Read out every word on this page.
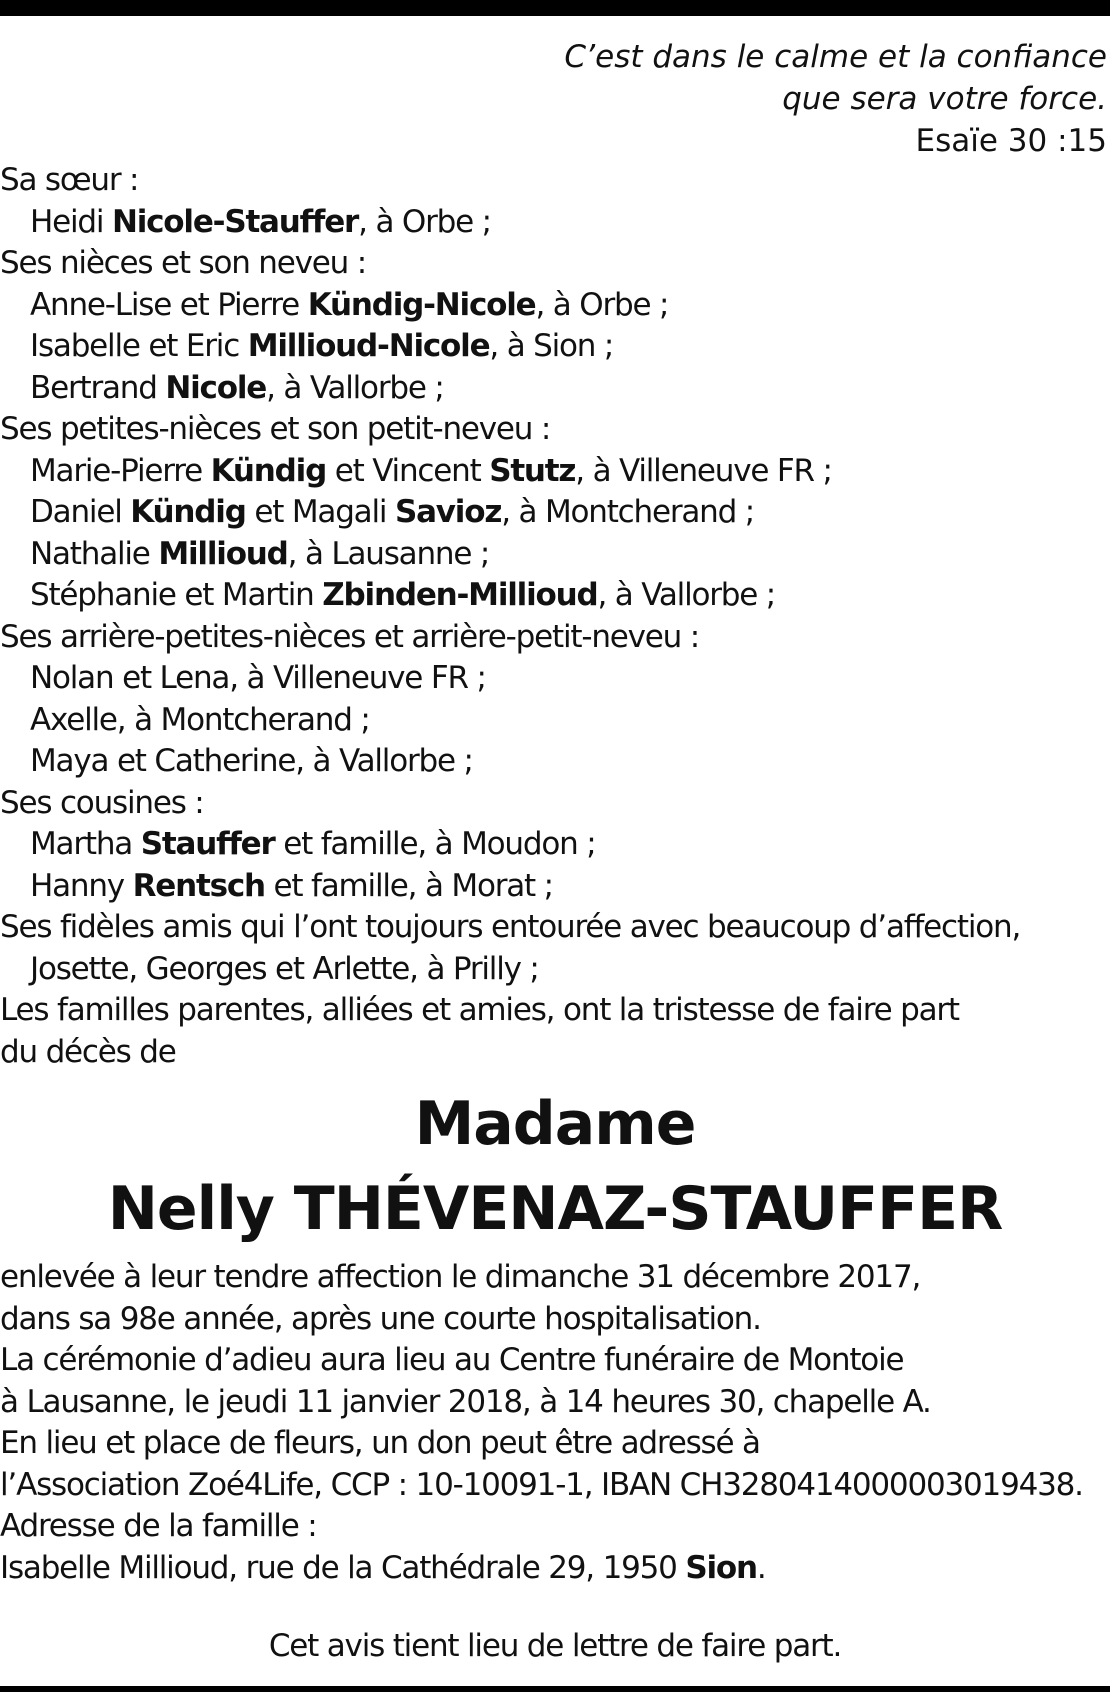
C’est dans le calme et la confiance
que sera votre force.
Esaïe 30 :15
Sa sœur :
Heidi Nicole-Stauffer, à Orbe ;
Ses nièces et son neveu :
Anne-Lise et Pierre Kündig-Nicole, à Orbe ;
Isabelle et Eric Millioud-Nicole, à Sion ;
Bertrand Nicole, à Vallorbe ;
Ses petites-nièces et son petit-neveu :
Marie-Pierre Kündig et Vincent Stutz, à Villeneuve FR ;
Daniel Kündig et Magali Savioz, à Montcherand ;
Nathalie Millioud, à Lausanne ;
Stéphanie et Martin Zbinden-Millioud, à Vallorbe ;
Ses arrière-petites-nièces et arrière-petit-neveu :
Nolan et Lena, à Villeneuve FR ;
Axelle, à Montcherand ;
Maya et Catherine, à Vallorbe ;
Ses cousines :
Martha Stauffer et famille, à Moudon ;
Hanny Rentsch et famille, à Morat ;
Ses fidèles amis qui l’ont toujours entourée avec beaucoup d’affection,
Josette, Georges et Arlette, à Prilly ;
Les familles parentes, alliées et amies, ont la tristesse de faire part
du décès de
Madame
Nelly THÉVENAZ-STAUFFER
enlevée à leur tendre affection le dimanche 31 décembre 2017,
dans sa 98e année, après une courte hospitalisation.
La cérémonie d’adieu aura lieu au Centre funéraire de Montoie
à Lausanne, le jeudi 11 janvier 2018, à 14 heures 30, chapelle A.
En lieu et place de fleurs, un don peut être adressé à
l’Association Zoé4Life, CCP : 10-10091-1, IBAN CH3280414000003019438.
Adresse de la famille :
Isabelle Millioud, rue de la Cathédrale 29, 1950 Sion.
Cet avis tient lieu de lettre de faire part.
